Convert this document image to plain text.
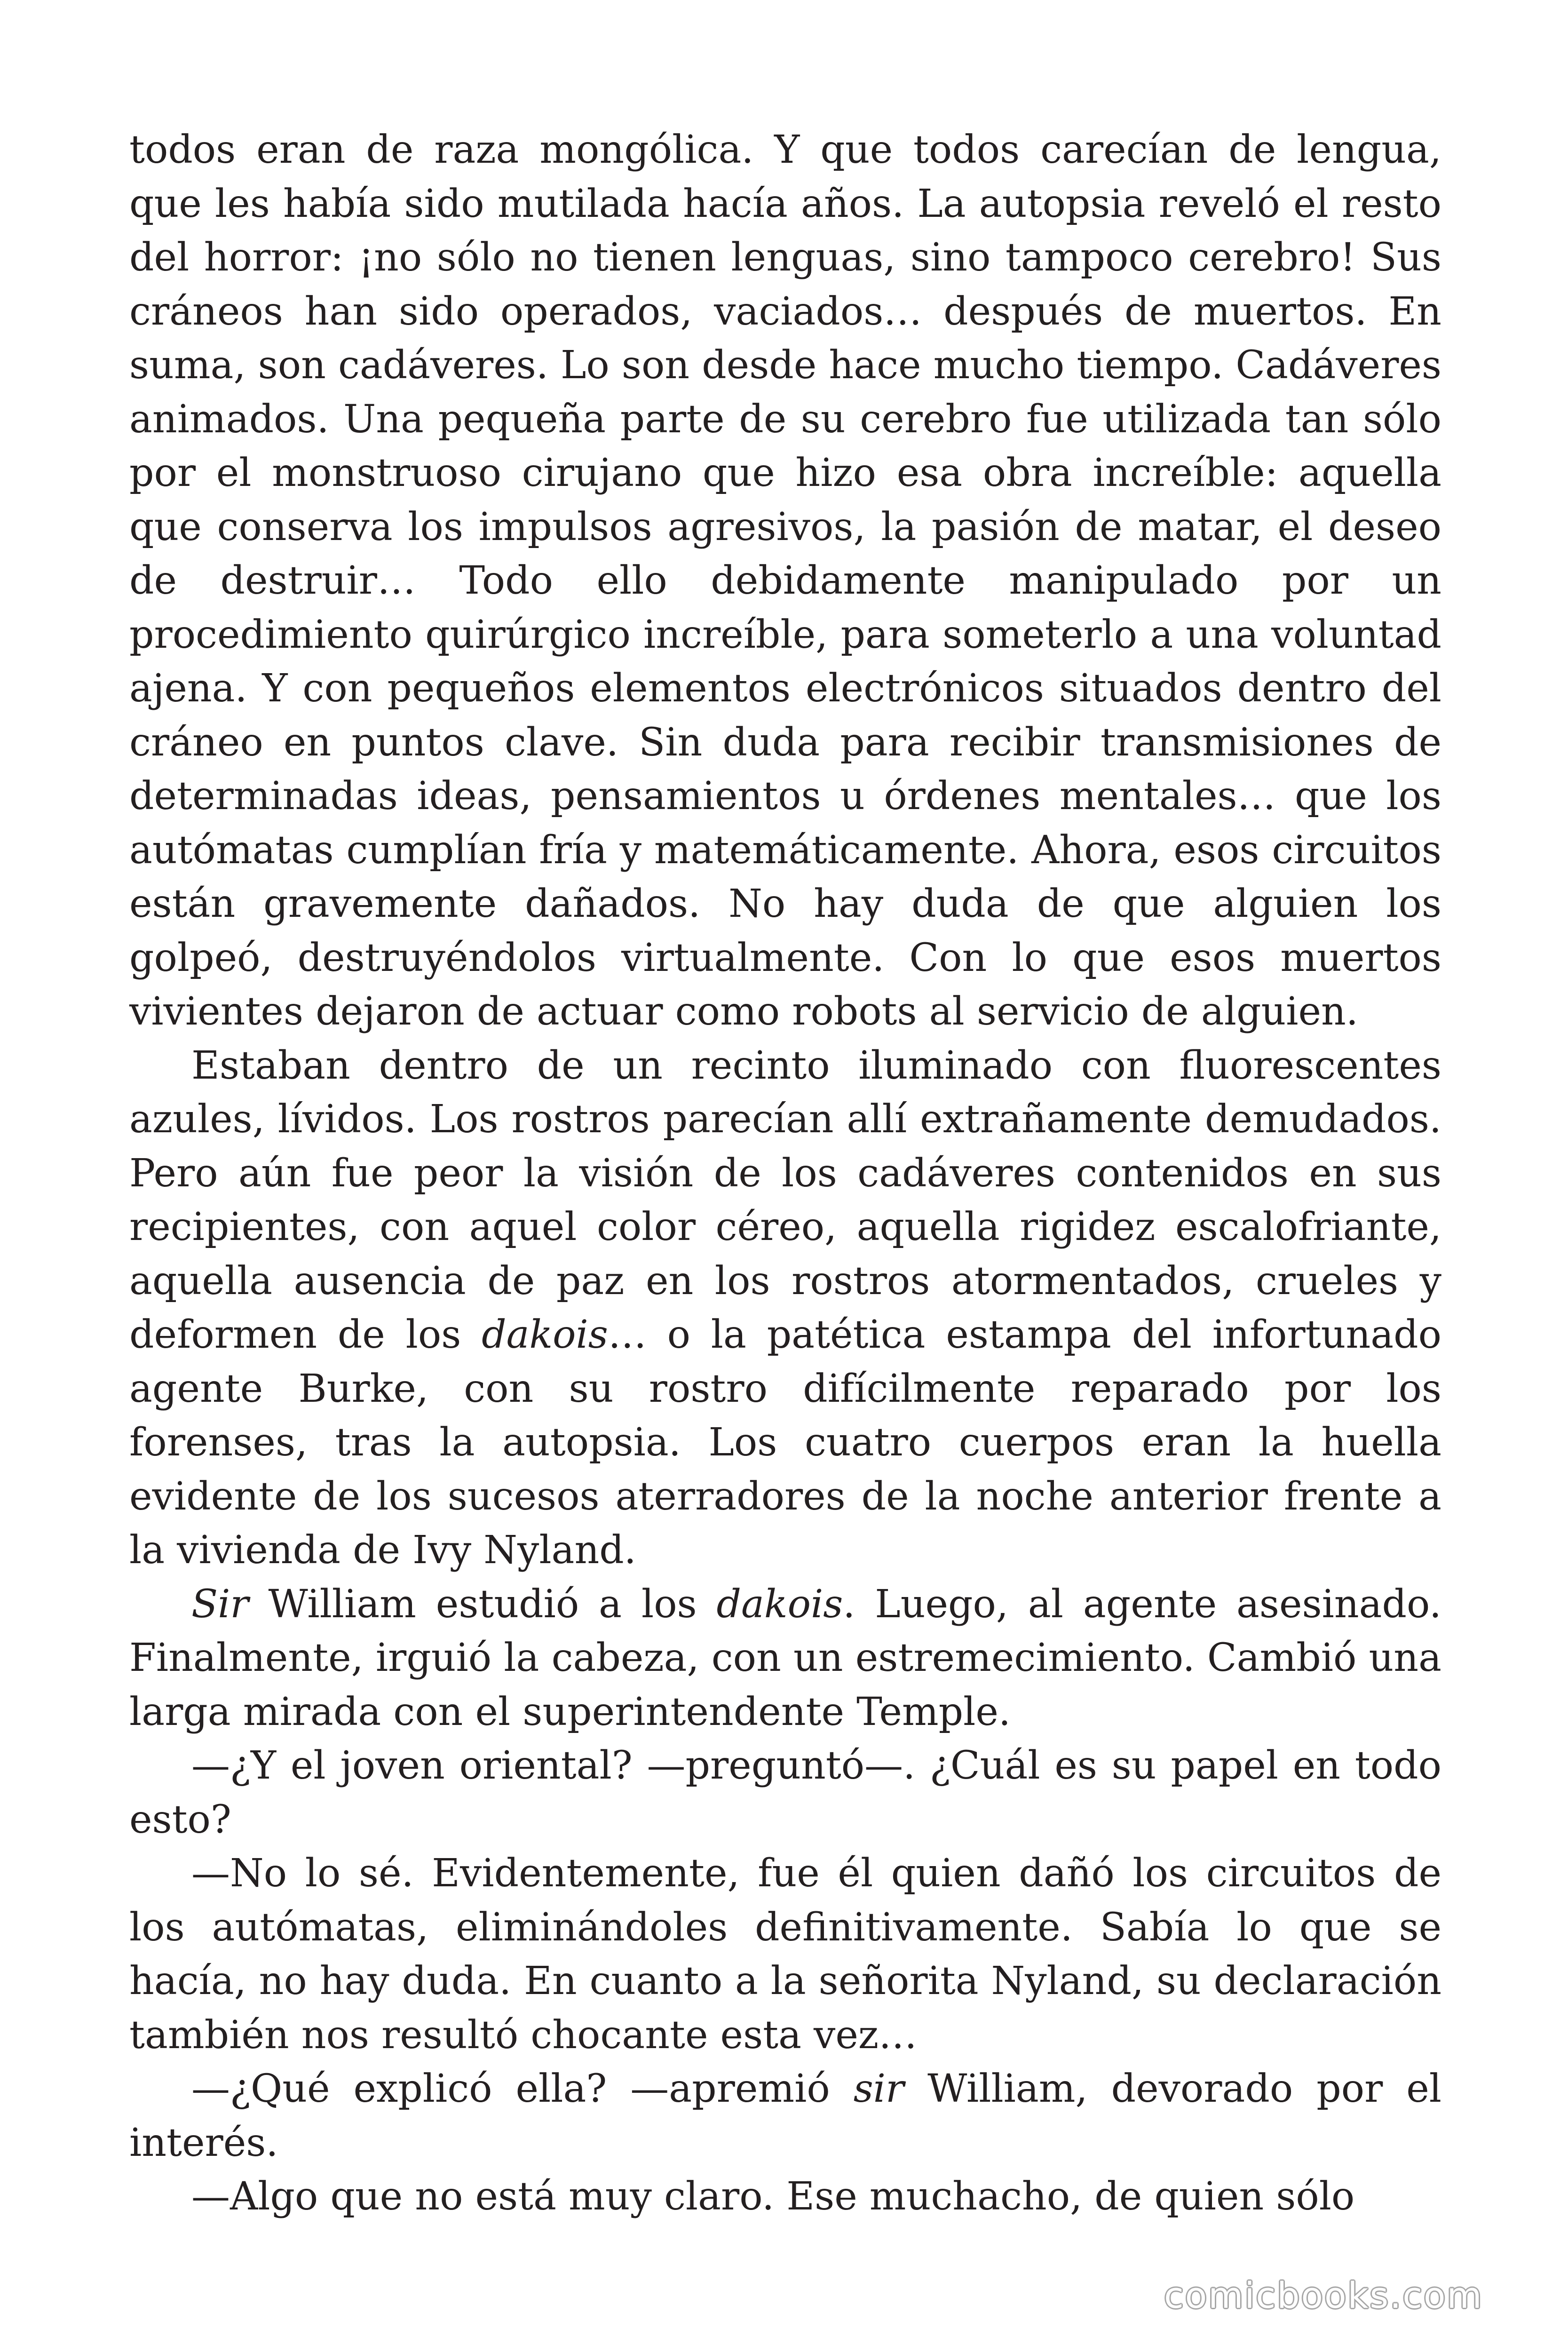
todos eran de raza mongólica. Y que todos carecían de lengua, que les había sido mutilada hacía años. La autopsia reveló el resto del horror: ¡no sólo no tienen lenguas, sino tampoco cerebro! Sus cráneos han sido operados, vaciados… después de muertos. En suma, son cadáveres. Lo son desde hace mucho tiempo. Cadáveres animados. Una pequeña parte de su cerebro fue utilizada tan sólo por el monstruoso cirujano que hizo esa obra increíble: aquella que conserva los impulsos agresivos, la pasión de matar, el deseo de destruir… Todo ello debidamente manipulado por un procedimiento quirúrgico increíble, para someterlo a una voluntad ajena. Y con pequeños elementos electrónicos situados dentro del cráneo en puntos clave. Sin duda para recibir transmisiones de determinadas ideas, pensamientos u órdenes mentales… que los autómatas cumplían fría y matemáticamente. Ahora, esos circuitos están gravemente dañados. No hay duda de que alguien los golpeó, destruyéndolos virtualmente. Con lo que esos muertos vivientes dejaron de actuar como robots al servicio de alguien.

Estaban dentro de un recinto iluminado con fluorescentes azules, lívidos. Los rostros parecían allí extrañamente demudados. Pero aún fue peor la visión de los cadáveres contenidos en sus recipientes, con aquel color céreo, aquella rigidez escalofriante, aquella ausencia de paz en los rostros atormentados, crueles y deformen de los dakois… o la patética estampa del infortunado agente Burke, con su rostro difícilmente reparado por los forenses, tras la autopsia. Los cuatro cuerpos eran la huella evidente de los sucesos aterradores de la noche anterior frente a la vivienda de Ivy Nyland.

Sir William estudió a los dakois. Luego, al agente asesinado. Finalmente, irguió la cabeza, con un estremecimiento. Cambió una larga mirada con el superintendente Temple.

—¿Y el joven oriental? —preguntó—. ¿Cuál es su papel en todo esto?

—No lo sé. Evidentemente, fue él quien dañó los circuitos de los autómatas, eliminándoles definitivamente. Sabía lo que se hacía, no hay duda. En cuanto a la señorita Nyland, su declaración también nos resultó chocante esta vez…

—¿Qué explicó ella? —apremió sir William, devorado por el interés.

—Algo que no está muy claro. Ese muchacho, de quien sólo

comicbooks.com
